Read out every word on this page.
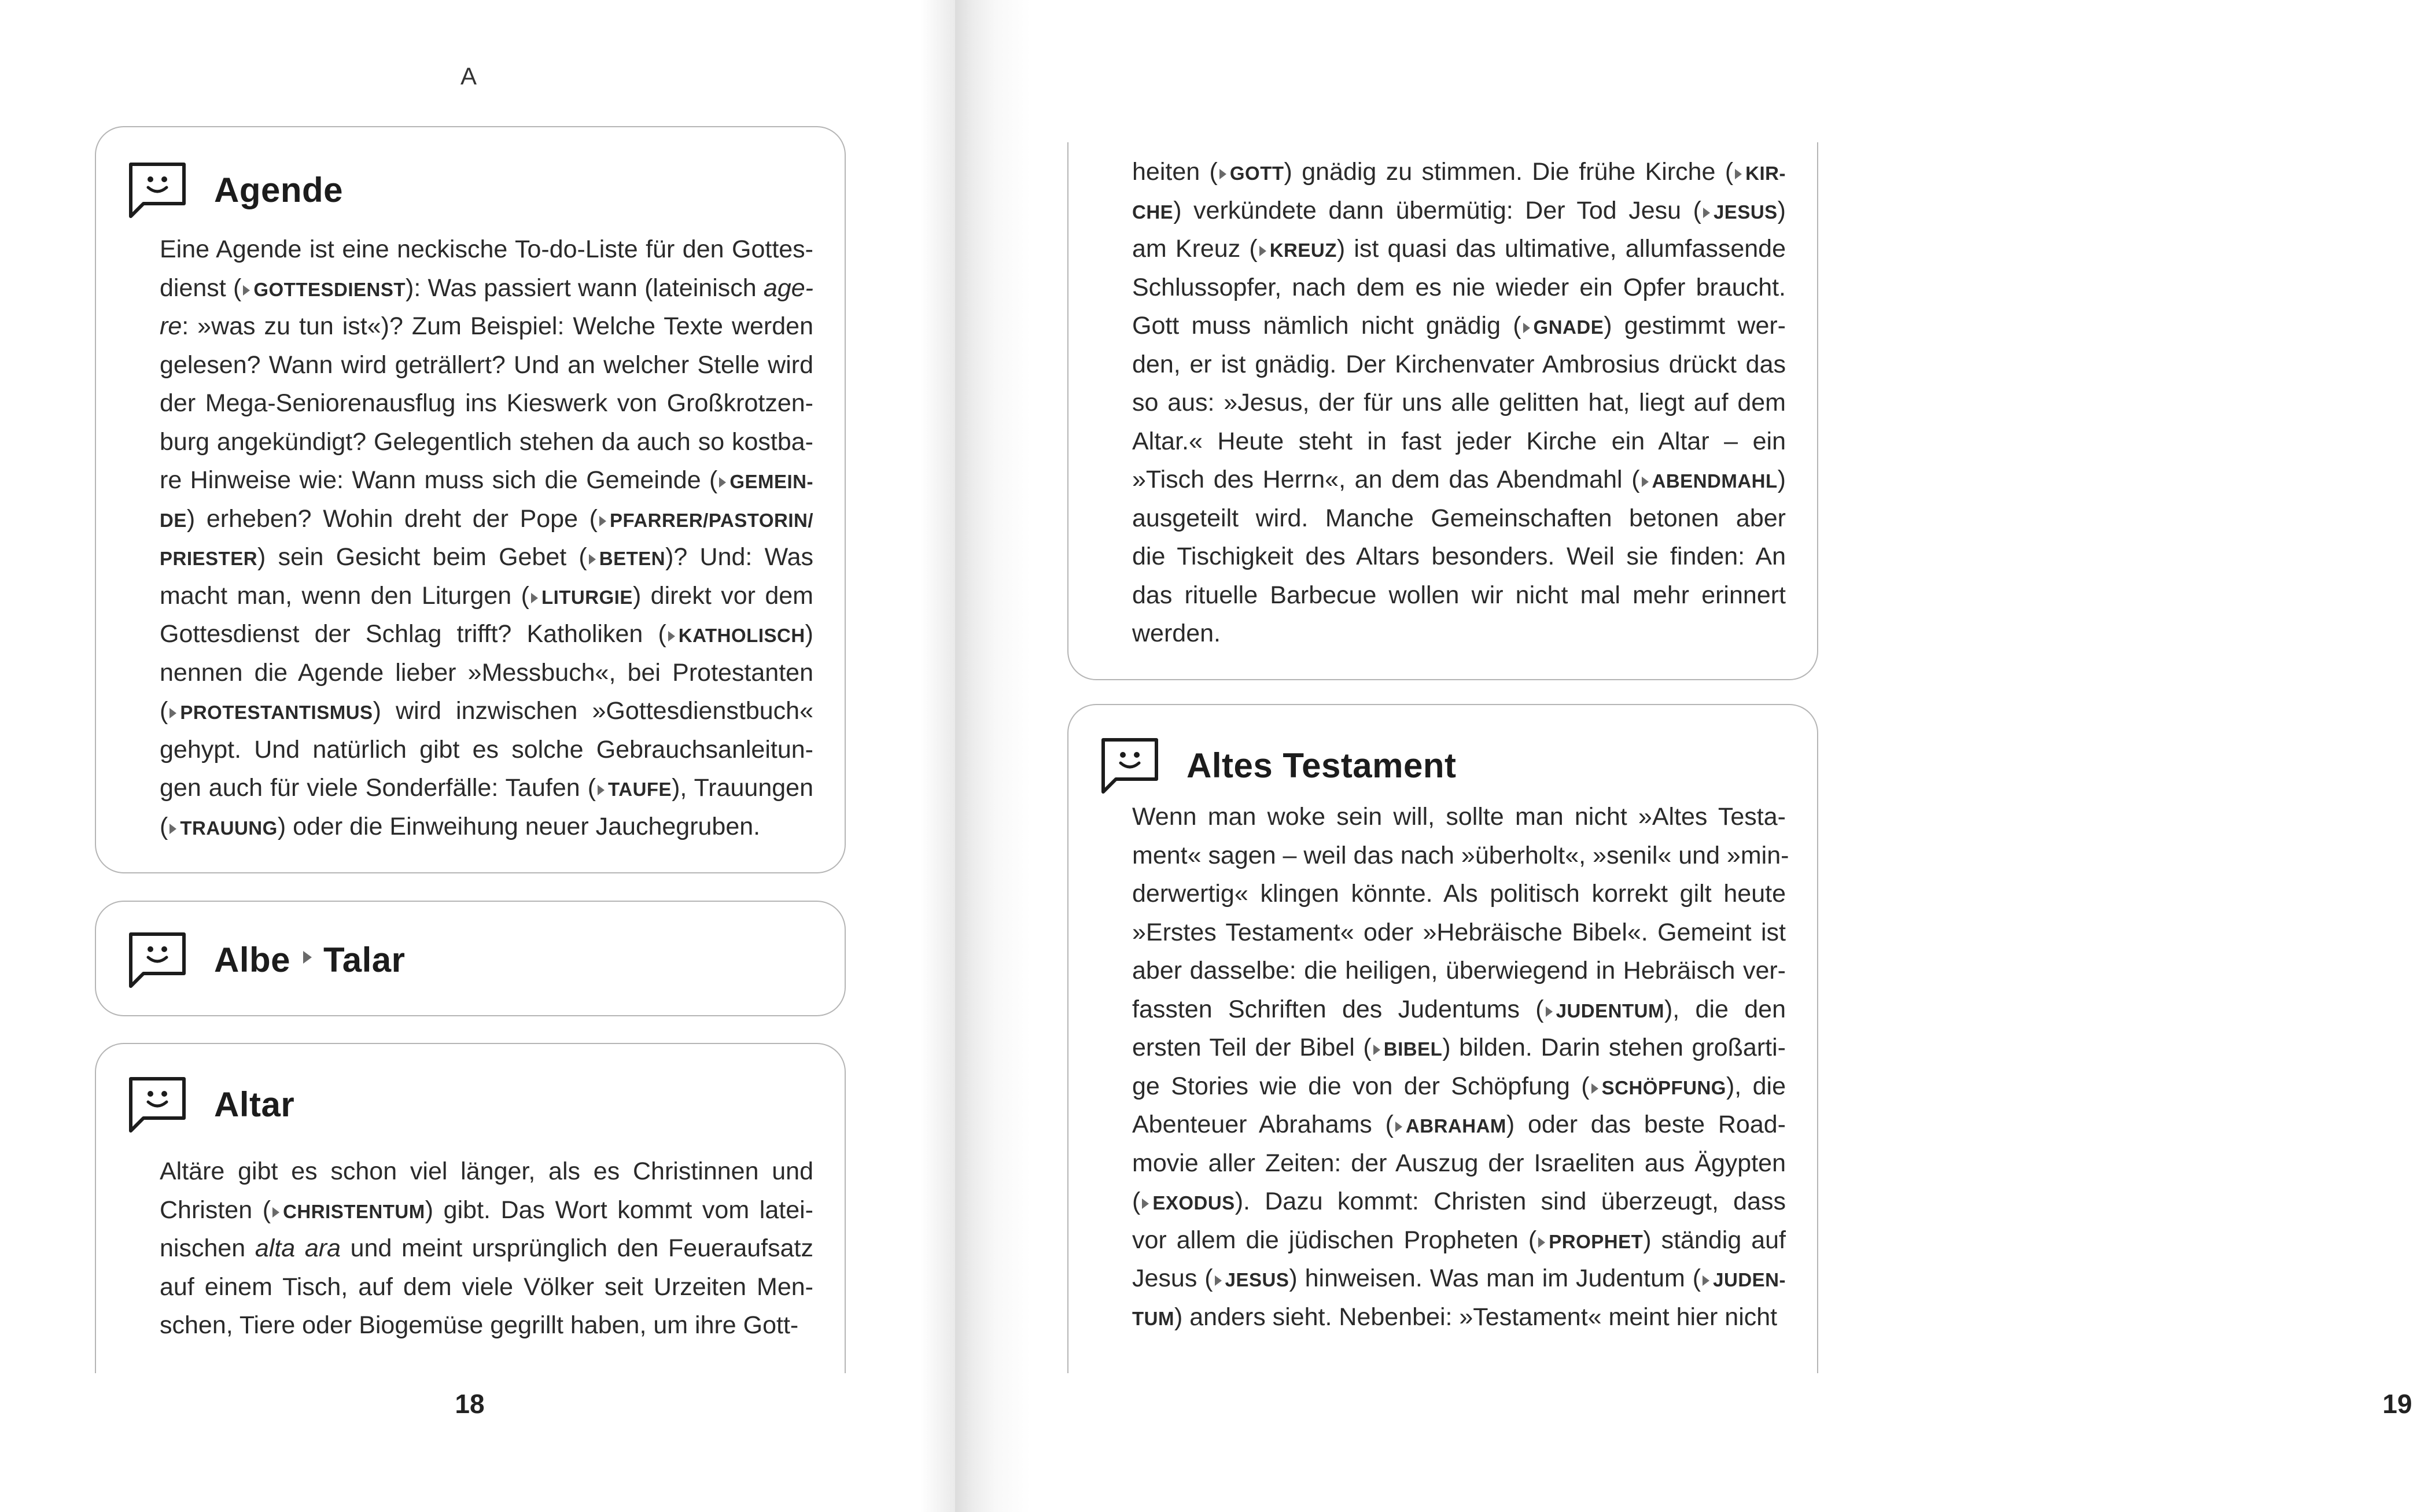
A
Agende
Eine Agende ist eine neckische To-do-Liste für den Gottes-
dienst ( GOTTESDIENST): Was passiert wann (lateinisch age-
re: »was zu tun ist«)? Zum Beispiel: Welche Texte werden
gelesen? Wann wird geträllert? Und an welcher Stelle wird
der Mega-Seniorenausflug ins Kieswerk von Großkrotzen-
burg angekündigt? Gelegentlich stehen da auch so kostba-
re Hinweise wie: Wann muss sich die Gemeinde ( GEMEIN-
DE) erheben? Wohin dreht der Pope ( PFARRER/PASTORIN/
PRIESTER) sein Gesicht beim Gebet ( BETEN)? Und: Was
macht man, wenn den Liturgen ( LITURGIE) direkt vor dem
Gottesdienst der Schlag trifft? Katholiken ( KATHOLISCH)
nennen die Agende lieber »Messbuch«, bei Protestanten
( PROTESTANTISMUS) wird inzwischen »Gottesdienstbuch«
gehypt. Und natürlich gibt es solche Gebrauchsanleitun-
gen auch für viele Sonderfälle: Taufen ( TAUFE), Trauungen
( TRAUUNG) oder die Einweihung neuer Jauchegruben.
Albe Talar
Altar
Altäre gibt es schon viel länger, als es Christinnen und
Christen ( CHRISTENTUM) gibt. Das Wort kommt vom latei-
nischen alta ara und meint ursprünglich den Feueraufsatz
auf einem Tisch, auf dem viele Völker seit Urzeiten Men-
schen, Tiere oder Biogemüse gegrillt haben, um ihre Gott-
18
heiten ( GOTT) gnädig zu stimmen. Die frühe Kirche ( KIR-
CHE) verkündete dann übermütig: Der Tod Jesu ( JESUS)
am Kreuz ( KREUZ) ist quasi das ultimative, allumfassende
Schlussopfer, nach dem es nie wieder ein Opfer braucht.
Gott muss nämlich nicht gnädig ( GNADE) gestimmt wer-
den, er ist gnädig. Der Kirchenvater Ambrosius drückt das
so aus: »Jesus, der für uns alle gelitten hat, liegt auf dem
Altar.« Heute steht in fast jeder Kirche ein Altar – ein
»Tisch des Herrn«, an dem das Abendmahl ( ABENDMAHL)
ausgeteilt wird. Manche Gemeinschaften betonen aber
die Tischigkeit des Altars besonders. Weil sie finden: An
das rituelle Barbecue wollen wir nicht mal mehr erinnert
werden.
Altes Testament
Wenn man woke sein will, sollte man nicht »Altes Testa-
ment« sagen – weil das nach »überholt«, »senil« und »min-
derwertig« klingen könnte. Als politisch korrekt gilt heute
»Erstes Testament« oder »Hebräische Bibel«. Gemeint ist
aber dasselbe: die heiligen, überwiegend in Hebräisch ver-
fassten Schriften des Judentums ( JUDENTUM), die den
ersten Teil der Bibel ( BIBEL) bilden. Darin stehen großarti-
ge Stories wie die von der Schöpfung ( SCHÖPFUNG), die
Abenteuer Abrahams ( ABRAHAM) oder das beste Road-
movie aller Zeiten: der Auszug der Israeliten aus Ägypten
( EXODUS). Dazu kommt: Christen sind überzeugt, dass
vor allem die jüdischen Propheten ( PROPHET) ständig auf
Jesus ( JESUS) hinweisen. Was man im Judentum ( JUDEN-
TUM) anders sieht. Nebenbei: »Testament« meint hier nicht
19
